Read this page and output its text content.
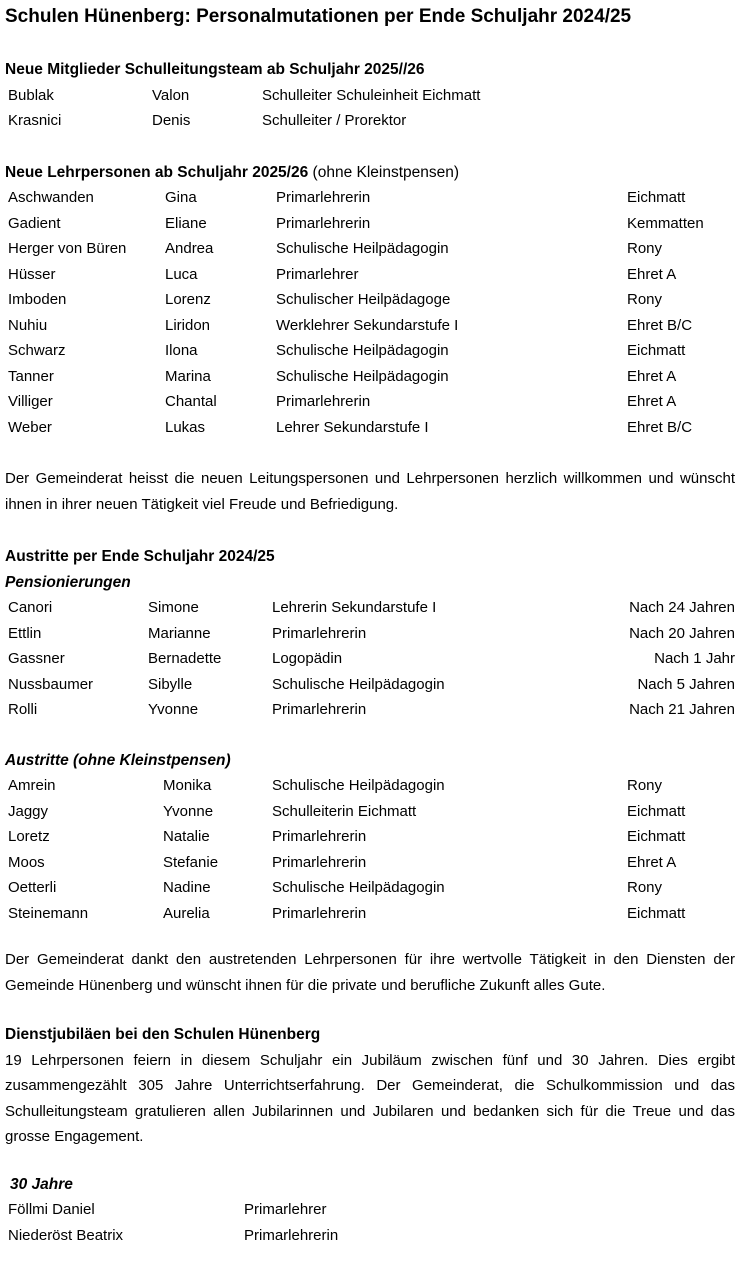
Schulen Hünenberg: Personalmutationen per Ende Schuljahr 2024/25
Neue Mitglieder Schulleitungsteam ab Schuljahr 2025//26
Bublak	Valon	Schulleiter Schuleinheit Eichmatt
Krasnici	Denis	Schulleiter / Prorektor
Neue Lehrpersonen ab Schuljahr 2025/26 (ohne Kleinstpensen)
Aschwanden	Gina	Primarlehrerin	Eichmatt
Gadient	Eliane	Primarlehrerin	Kemmatten
Herger von Büren	Andrea	Schulische Heilpädagogin	Rony
Hüsser	Luca	Primarlehrer	Ehret A
Imboden	Lorenz	Schulischer Heilpädagoge	Rony
Nuhiu	Liridon	Werklehrer Sekundarstufe I	Ehret B/C
Schwarz	Ilona	Schulische Heilpädagogin	Eichmatt
Tanner	Marina	Schulische Heilpädagogin	Ehret A
Villiger	Chantal	Primarlehrerin	Ehret A
Weber	Lukas	Lehrer Sekundarstufe I	Ehret B/C

Der Gemeinderat heisst die neuen Leitungspersonen und Lehrpersonen herzlich willkommen und wünscht ihnen in ihrer neuen Tätigkeit viel Freude und Befriedigung.

Austritte per Ende Schuljahr 2024/25
Pensionierungen
Canori	Simone	Lehrerin Sekundarstufe I	Nach 24 Jahren
Ettlin	Marianne	Primarlehrerin	Nach 20 Jahren
Gassner	Bernadette	Logopädin	Nach 1 Jahr
Nussbaumer	Sibylle	Schulische Heilpädagogin	Nach 5 Jahren
Rolli	Yvonne	Primarlehrerin	Nach 21 Jahren
Austritte (ohne Kleinstpensen)
Amrein	Monika	Schulische Heilpädagogin	Rony
Jaggy	Yvonne	Schulleiterin Eichmatt	Eichmatt
Loretz	Natalie	Primarlehrerin	Eichmatt
Moos	Stefanie	Primarlehrerin	Ehret A
Oetterli	Nadine	Schulische Heilpädagogin	Rony
Steinemann	Aurelia	Primarlehrerin	Eichmatt

Der Gemeinderat dankt den austretenden Lehrpersonen für ihre wertvolle Tätigkeit in den Diensten der Gemeinde Hünenberg und wünscht ihnen für die private und berufliche Zukunft alles Gute.

Dienstjubiläen bei den Schulen Hünenberg

19 Lehrpersonen feiern in diesem Schuljahr ein Jubiläum zwischen fünf und 30 Jahren. Dies ergibt zusammengezählt 305 Jahre Unterrichtserfahrung. Der Gemeinderat, die Schulkommission und das Schulleitungsteam gratulieren allen Jubilarinnen und Jubilaren und bedanken sich für die Treue und das grosse Engagement.

30 Jahre
Föllmi Daniel	Primarlehrer
Niederöst Beatrix	Primarlehrerin
